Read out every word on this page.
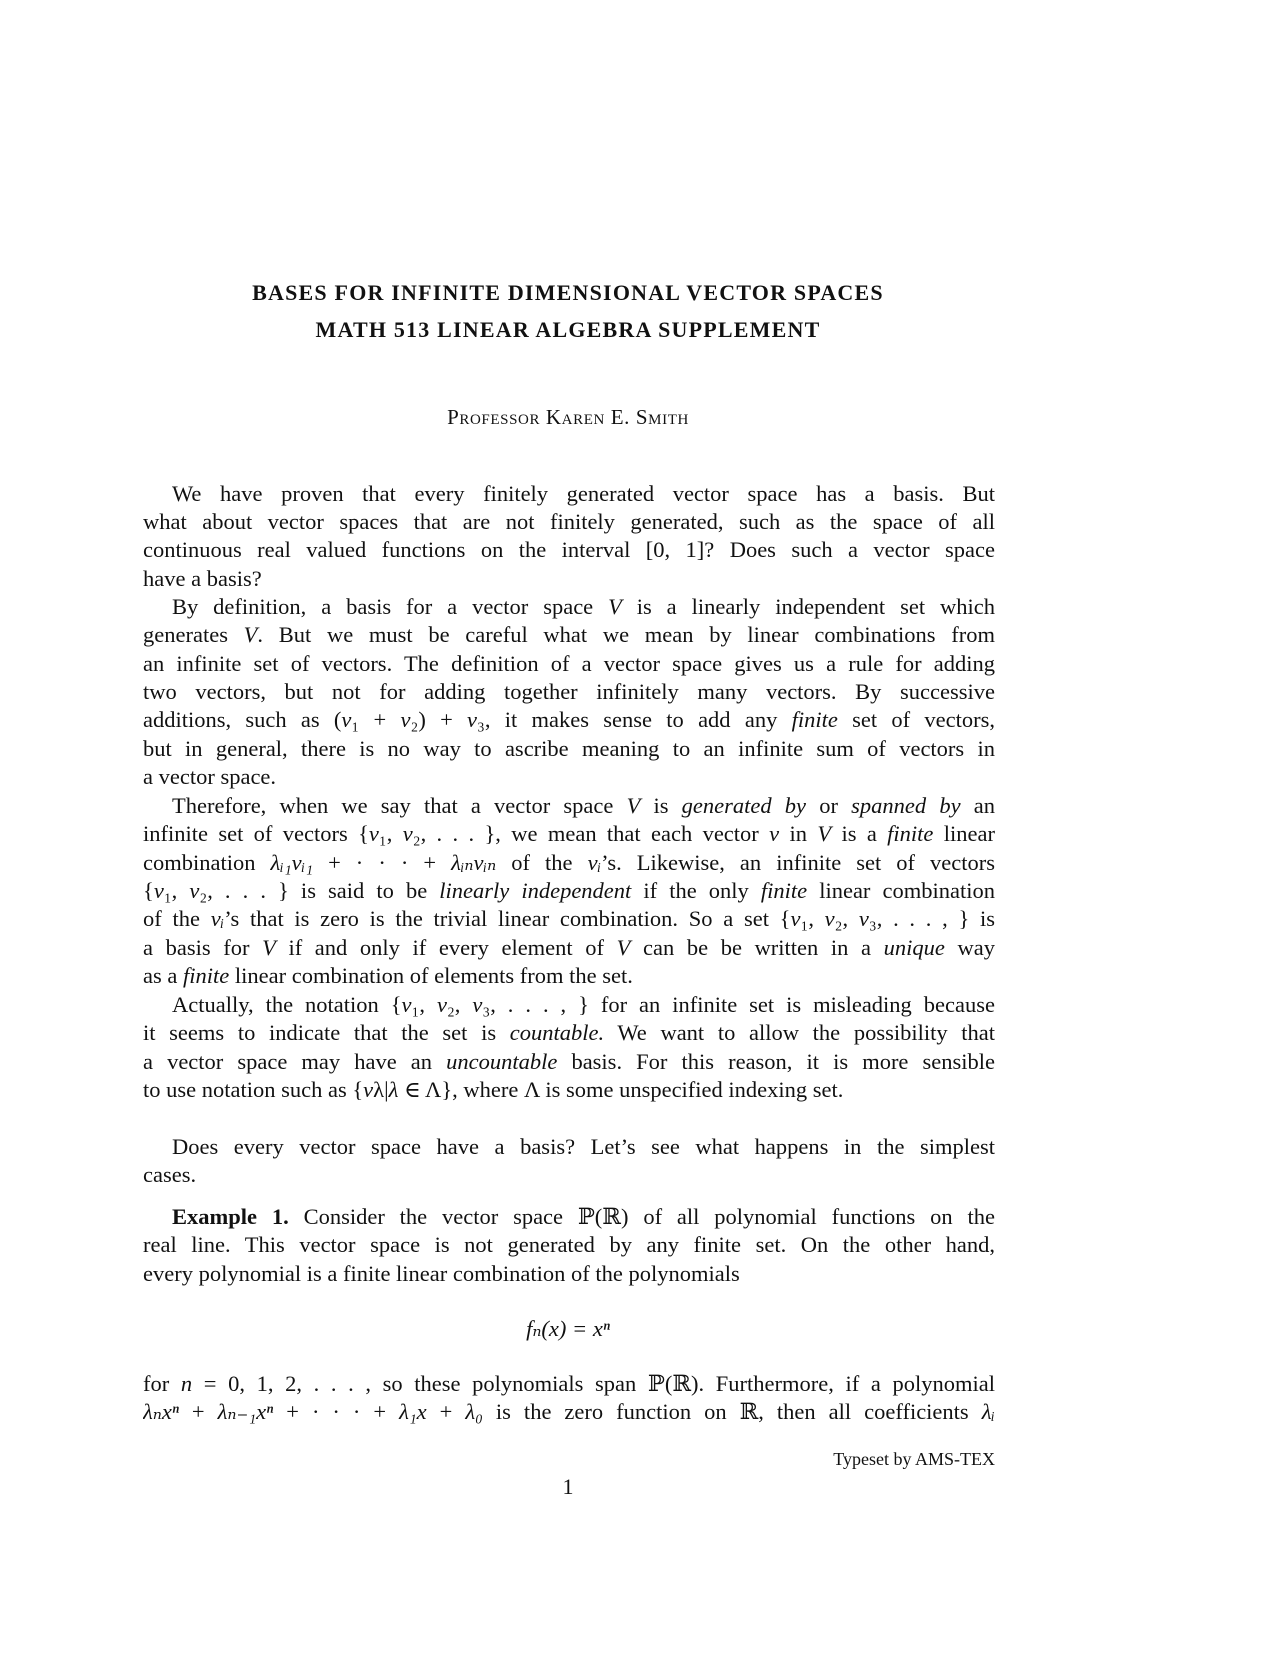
BASES FOR INFINITE DIMENSIONAL VECTOR SPACES
MATH 513 LINEAR ALGEBRA SUPPLEMENT
Professor Karen E. Smith
We have proven that every finitely generated vector space has a basis. But
what about vector spaces that are not finitely generated, such as the space of all
continuous real valued functions on the interval [0, 1]? Does such a vector space
have a basis?
By definition, a basis for a vector space V is a linearly independent set which
generates V. But we must be careful what we mean by linear combinations from
an infinite set of vectors. The definition of a vector space gives us a rule for adding
two vectors, but not for adding together infinitely many vectors. By successive
additions, such as (v₁ + v₂) + v₃, it makes sense to add any finite set of vectors,
but in general, there is no way to ascribe meaning to an infinite sum of vectors in
a vector space.
Therefore, when we say that a vector space V is generated by or spanned by an
infinite set of vectors {v₁, v₂, . . . }, we mean that each vector v in V is a finite linear
combination λᵢ₁vᵢ₁ + · · · + λᵢₙvᵢₙ of the vᵢ’s. Likewise, an infinite set of vectors
{v₁, v₂, . . . } is said to be linearly independent if the only finite linear combination
of the vᵢ’s that is zero is the trivial linear combination. So a set {v₁, v₂, v₃, . . . , } is
a basis for V if and only if every element of V can be be written in a unique way
as a finite linear combination of elements from the set.
Actually, the notation {v₁, v₂, v₃, . . . , } for an infinite set is misleading because
it seems to indicate that the set is countable. We want to allow the possibility that
a vector space may have an uncountable basis. For this reason, it is more sensible
to use notation such as {vλ|λ ∈ Λ}, where Λ is some unspecified indexing set.
Does every vector space have a basis? Let’s see what happens in the simplest
cases.
Example 1. Consider the vector space ℙ(ℝ) of all polynomial functions on the
real line. This vector space is not generated by any finite set. On the other hand,
every polynomial is a finite linear combination of the polynomials
for n = 0, 1, 2, . . . , so these polynomials span ℙ(ℝ). Furthermore, if a polynomial
λₙxⁿ + λₙ₋₁xⁿ + · · · + λ₁x + λ₀ is the zero function on ℝ, then all coefficients λᵢ
fₙ(x) = xⁿ
Typeset by AMS-TEX
1
